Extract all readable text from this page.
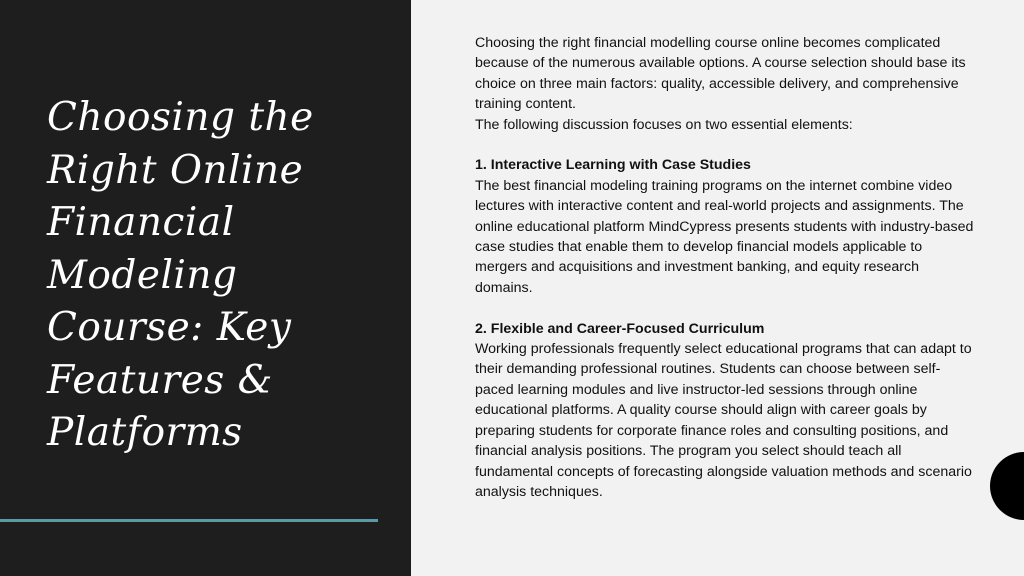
Choosing the Right Online Financial Modeling Course: Key Features & Platforms

Choosing the right financial modelling course online becomes complicated because of the numerous available options. A course selection should base its choice on three main factors: quality, accessible delivery, and comprehensive training content.

The following discussion focuses on two essential elements:

1. Interactive Learning with Case Studies

The best financial modeling training programs on the internet combine video lectures with interactive content and real-world projects and assignments. The online educational platform MindCypress presents students with industry-based case studies that enable them to develop financial models applicable to mergers and acquisitions and investment banking, and equity research domains.

2. Flexible and Career-Focused Curriculum

Working professionals frequently select educational programs that can adapt to their demanding professional routines. Students can choose between self-paced learning modules and live instructor-led sessions through online educational platforms. A quality course should align with career goals by preparing students for corporate finance roles and consulting positions, and financial analysis positions. The program you select should teach all fundamental concepts of forecasting alongside valuation methods and scenario analysis techniques.
